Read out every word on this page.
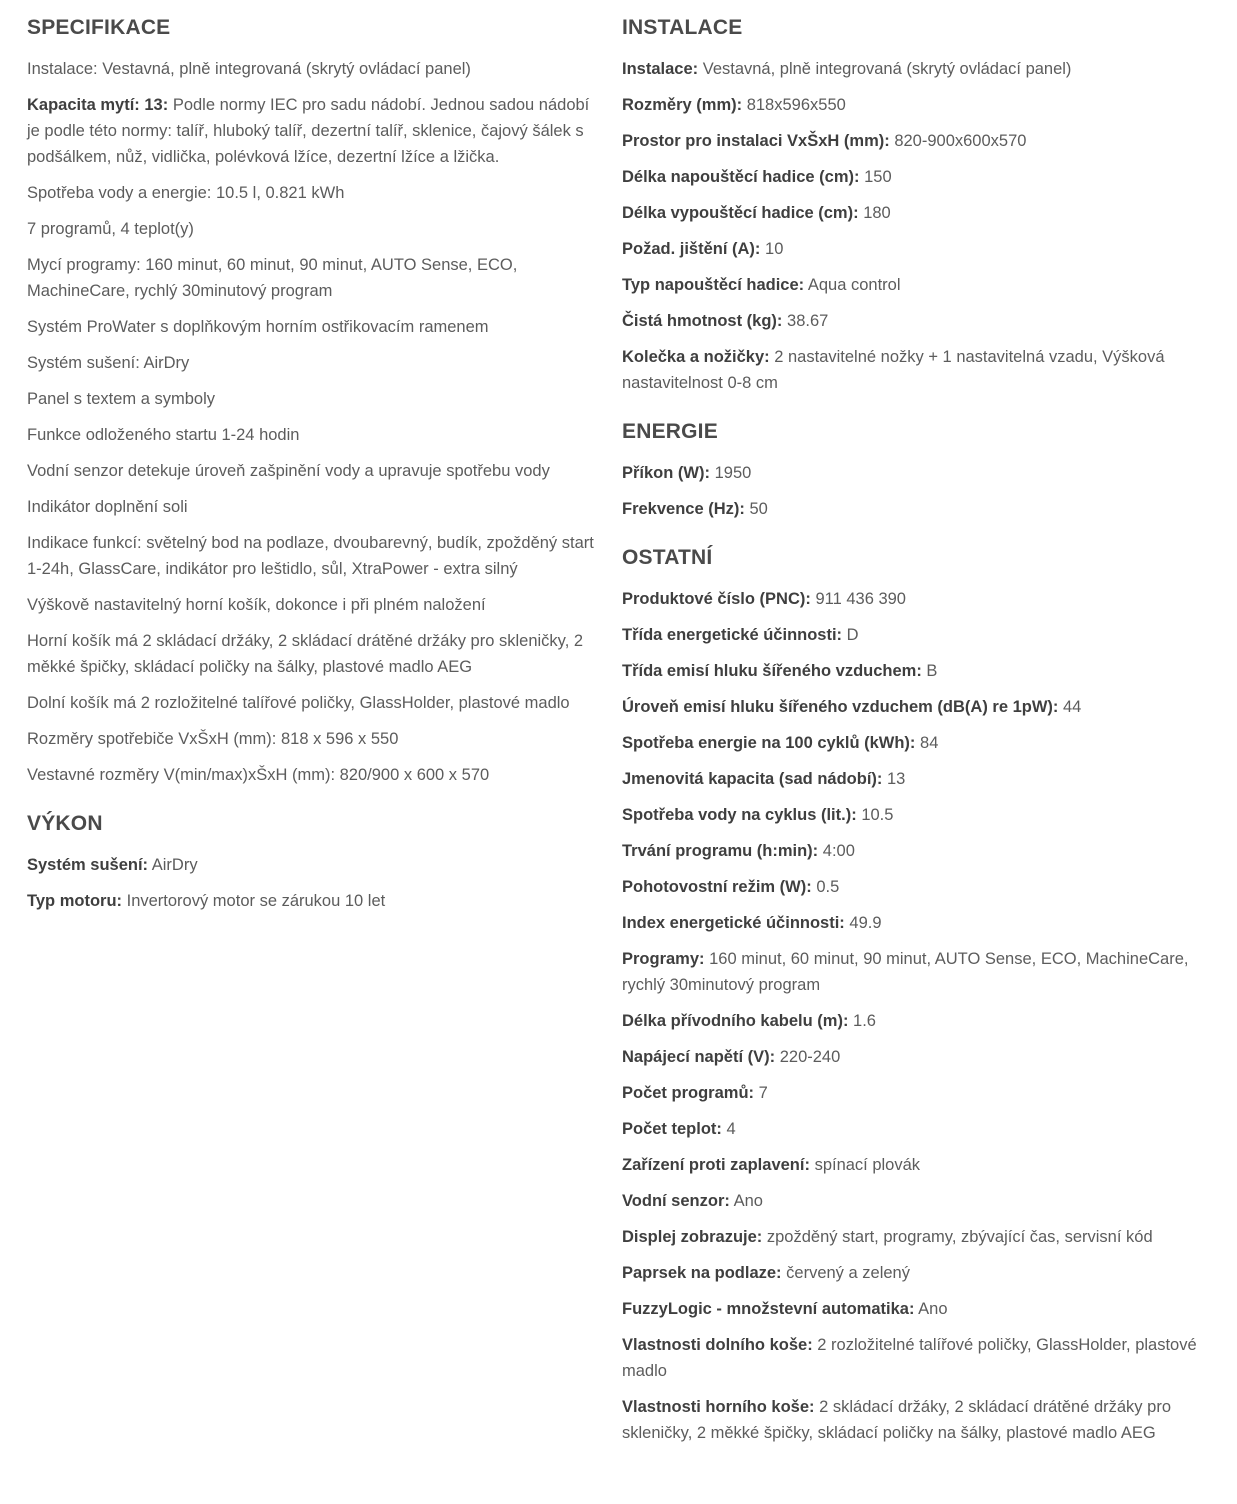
SPECIFIKACE

Instalace: Vestavná, plně integrovaná (skrytý ovládací panel)

Kapacita mytí: 13: Podle normy IEC pro sadu nádobí. Jednou sadou nádobí je podle této normy: talíř, hluboký talíř, dezertní talíř, sklenice, čajový šálek s podšálkem, nůž, vidlička, polévková lžíce, dezertní lžíce a lžička.

Spotřeba vody a energie: 10.5 l, 0.821 kWh

7 programů, 4 teplot(y)

Mycí programy: 160 minut, 60 minut, 90 minut, AUTO Sense, ECO, MachineCare, rychlý 30minutový program

Systém ProWater s doplňkovým horním ostřikovacím ramenem

Systém sušení: AirDry

Panel s textem a symboly

Funkce odloženého startu 1-24 hodin

Vodní senzor detekuje úroveň zašpinění vody a upravuje spotřebu vody

Indikátor doplnění soli

Indikace funkcí: světelný bod na podlaze, dvoubarevný, budík, zpožděný start 1-24h, GlassCare, indikátor pro leštidlo, sůl, XtraPower - extra silný

Výškově nastavitelný horní košík, dokonce i při plném naložení

Horní košík má 2 skládací držáky, 2 skládací drátěné držáky pro skleničky, 2 měkké špičky, skládací poličky na šálky, plastové madlo AEG

Dolní košík má 2 rozložitelné talířové poličky, GlassHolder, plastové madlo

Rozměry spotřebiče VxŠxH (mm): 818 x 596 x 550

Vestavné rozměry V(min/max)xŠxH (mm): 820/900 x 600 x 570

VÝKON

Systém sušení: AirDry

Typ motoru: Invertorový motor se zárukou 10 let

INSTALACE

Instalace: Vestavná, plně integrovaná (skrytý ovládací panel)

Rozměry (mm): 818x596x550

Prostor pro instalaci VxŠxH (mm): 820-900x600x570

Délka napouštěcí hadice (cm): 150

Délka vypouštěcí hadice (cm): 180

Požad. jištění (A): 10

Typ napouštěcí hadice: Aqua control

Čistá hmotnost (kg): 38.67

Kolečka a nožičky: 2 nastavitelné nožky + 1 nastavitelná vzadu, Výšková nastavitelnost 0-8 cm

ENERGIE

Příkon (W): 1950

Frekvence (Hz): 50

OSTATNÍ

Produktové číslo (PNC): 911 436 390

Třída energetické účinnosti: D

Třída emisí hluku šířeného vzduchem: B

Úroveň emisí hluku šířeného vzduchem (dB(A) re 1pW): 44

Spotřeba energie na 100 cyklů (kWh): 84

Jmenovitá kapacita (sad nádobí): 13

Spotřeba vody na cyklus (lit.): 10.5

Trvání programu (h:min): 4:00

Pohotovostní režim (W): 0.5

Index energetické účinnosti: 49.9

Programy: 160 minut, 60 minut, 90 minut, AUTO Sense, ECO, MachineCare, rychlý 30minutový program

Délka přívodního kabelu (m): 1.6

Napájecí napětí (V): 220-240

Počet programů: 7

Počet teplot: 4

Zařízení proti zaplavení: spínací plovák

Vodní senzor: Ano

Displej zobrazuje: zpožděný start, programy, zbývající čas, servisní kód

Paprsek na podlaze: červený a zelený

FuzzyLogic - množstevní automatika: Ano

Vlastnosti dolního koše: 2 rozložitelné talířové poličky, GlassHolder, plastové madlo

Vlastnosti horního koše: 2 skládací držáky, 2 skládací drátěné držáky pro skleničky, 2 měkké špičky, skládací poličky na šálky, plastové madlo AEG
